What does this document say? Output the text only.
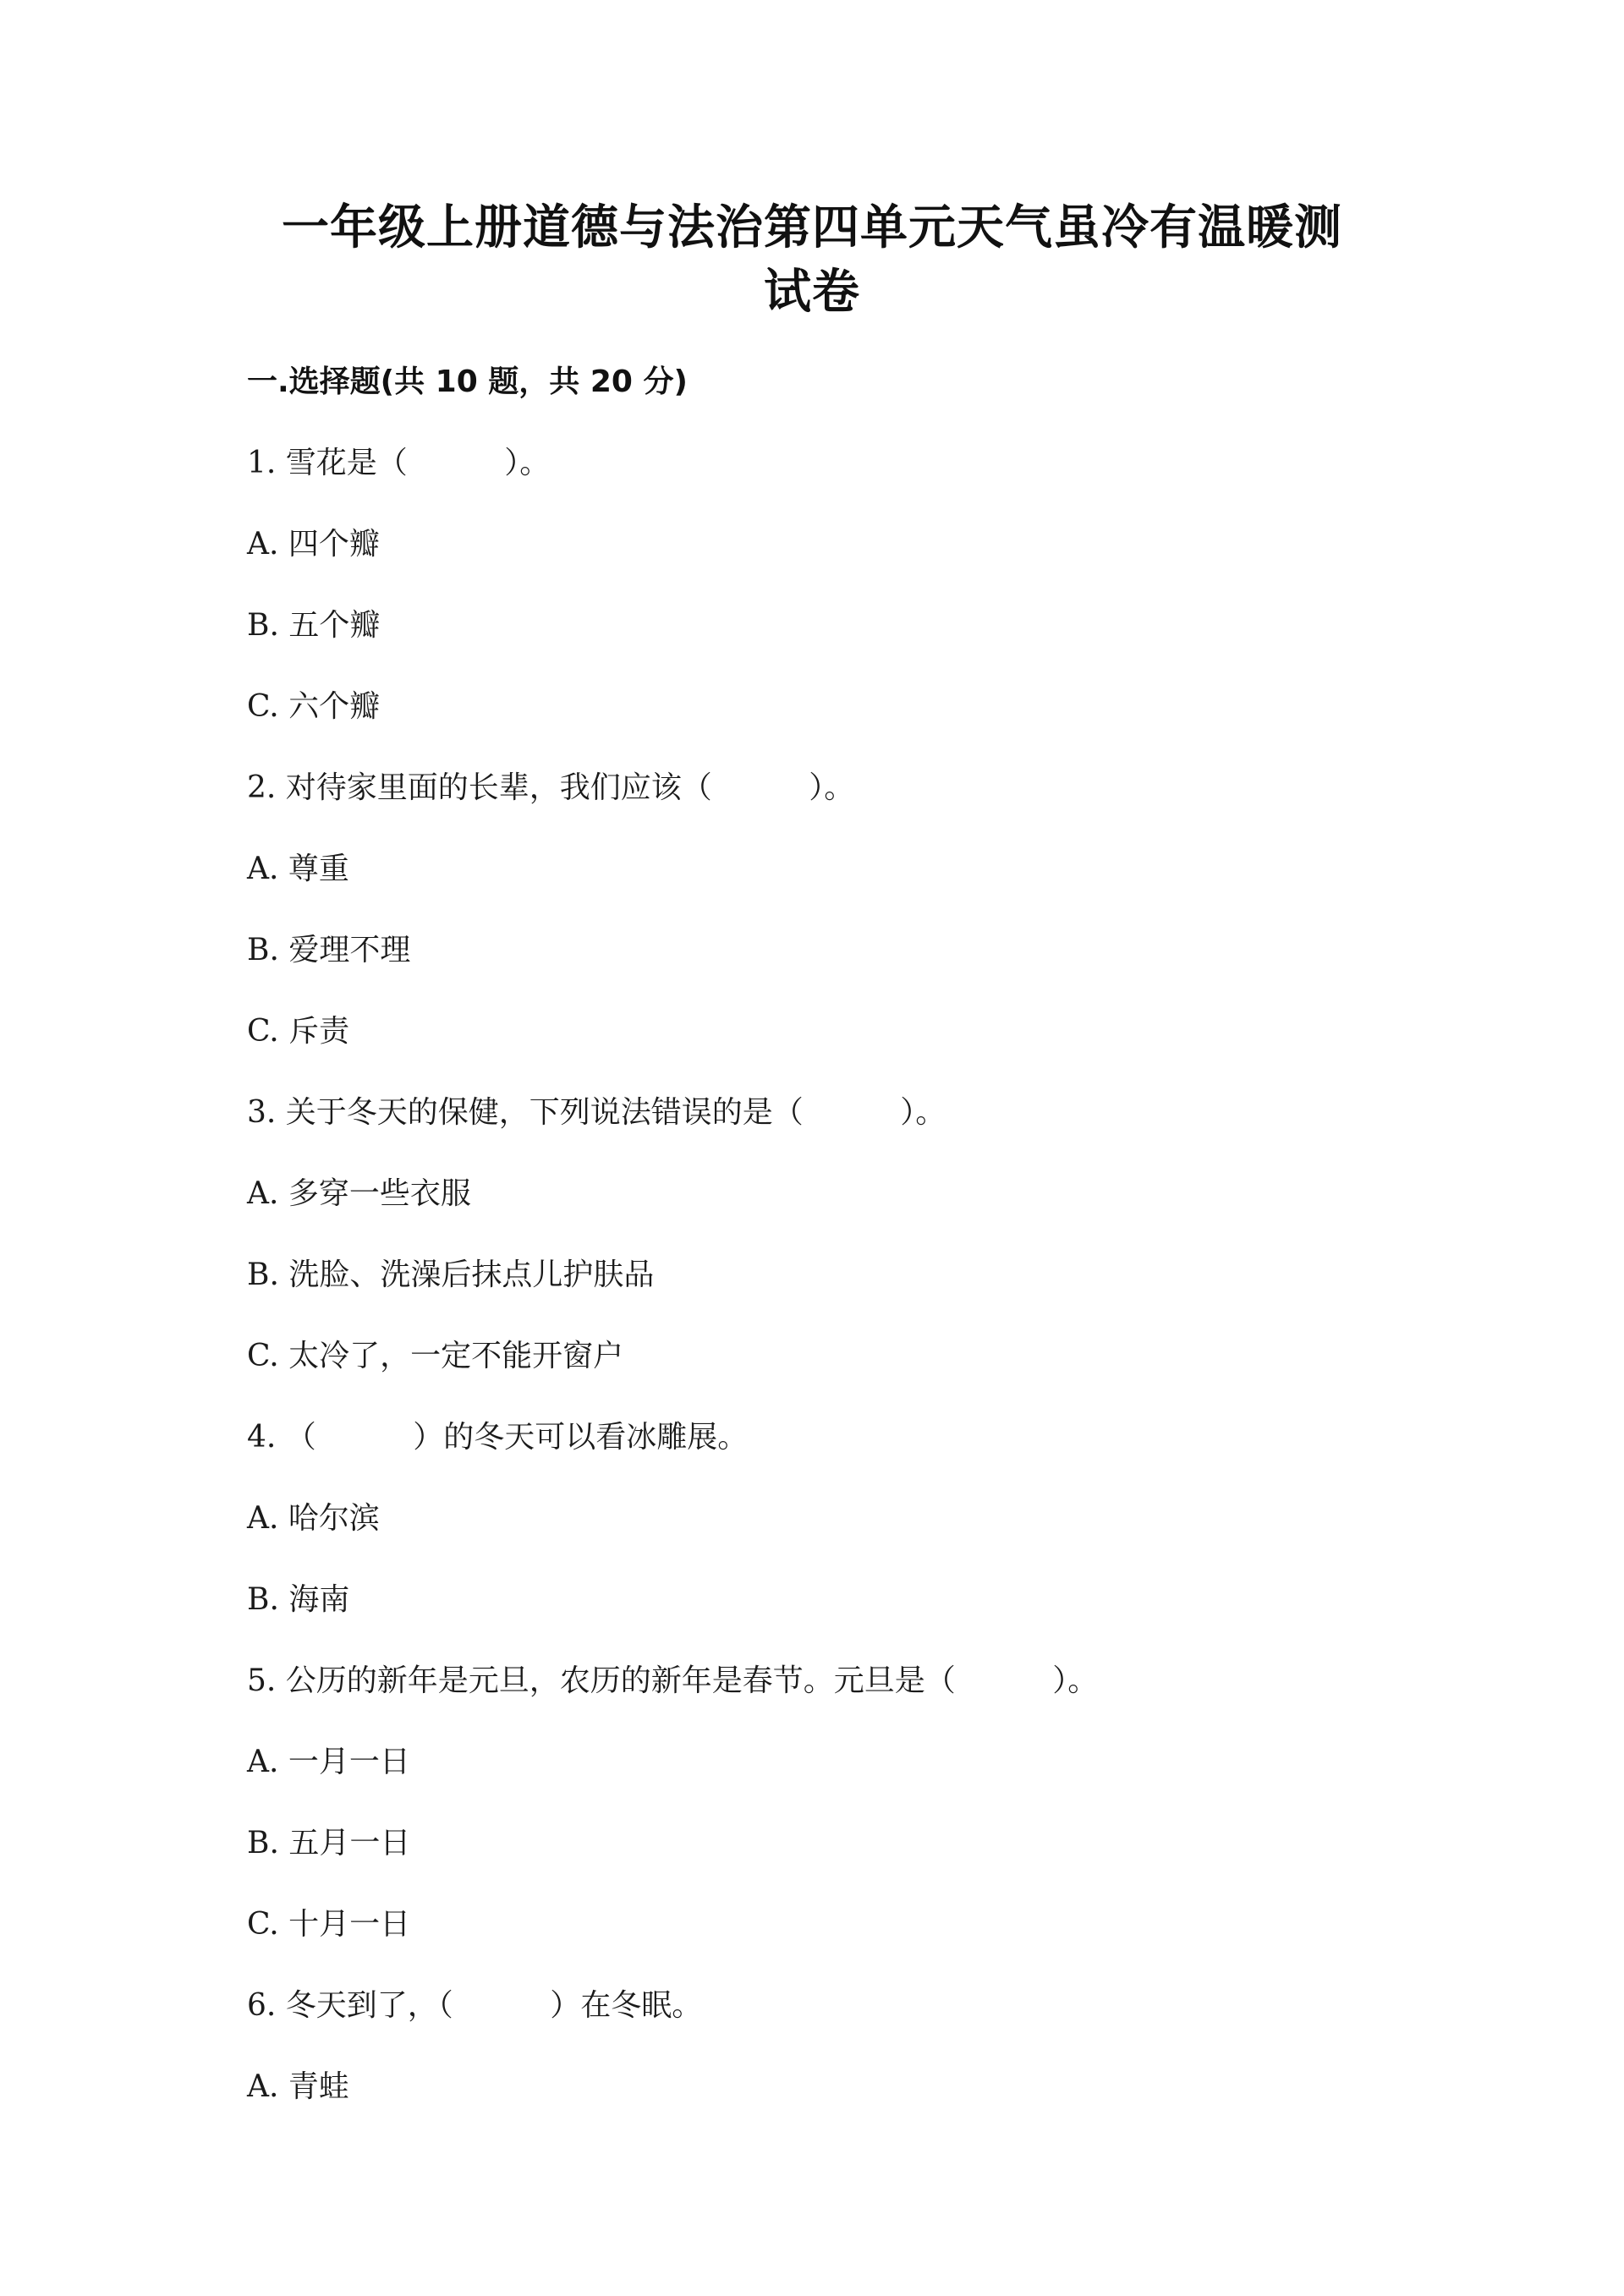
一年级上册道德与法治第四单元天气虽冷有温暖测
试卷
一.选择题(共 10 题，共 20 分)
1. 雪花是（          ）。
A. 四个瓣
B. 五个瓣
C. 六个瓣
2. 对待家里面的长辈，我们应该（          ）。
A. 尊重
B. 爱理不理
C. 斥责
3. 关于冬天的保健，下列说法错误的是（          ）。
A. 多穿一些衣服
B. 洗脸、洗澡后抹点儿护肤品
C. 太冷了，一定不能开窗户
4. （          ）的冬天可以看冰雕展。
A. 哈尔滨
B. 海南
5. 公历的新年是元旦，农历的新年是春节。元旦是（          ）。
A. 一月一日
B. 五月一日
C. 十月一日
6. 冬天到了，（          ）在冬眠。
A. 青蛙
